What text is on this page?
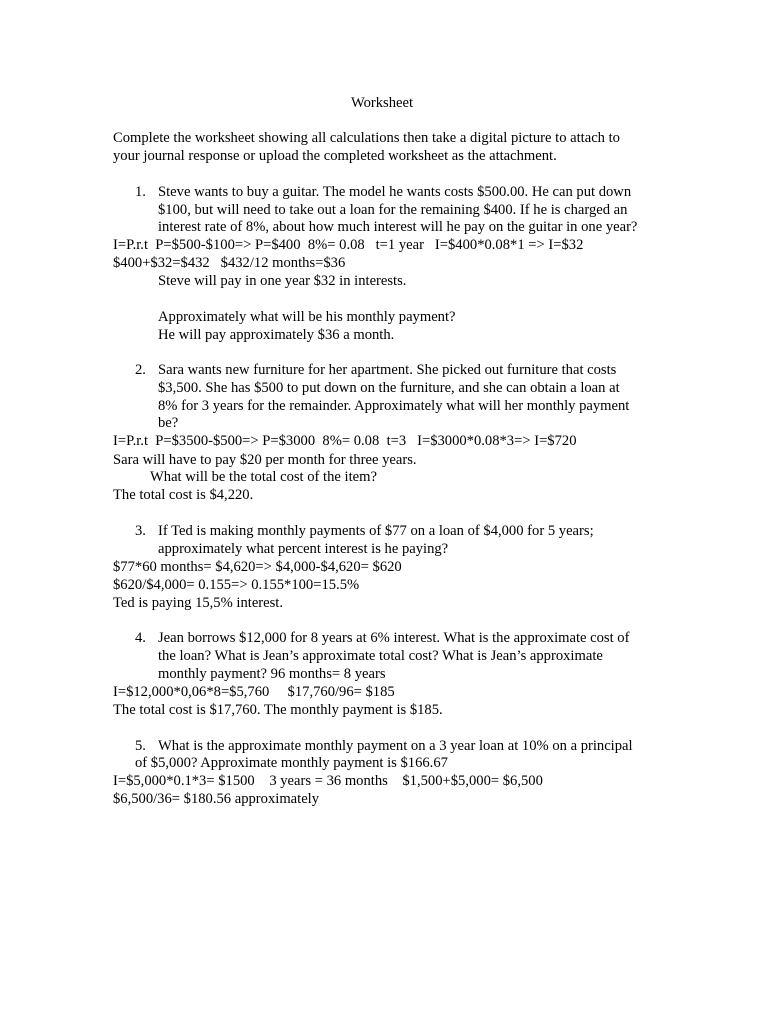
Worksheet
Complete the worksheet showing all calculations then take a digital picture to attach to
your journal response or upload the completed worksheet as the attachment.
1. Steve wants to buy a guitar. The model he wants costs $500.00. He can put down
$100, but will need to take out a loan for the remaining $400. If he is charged an
interest rate of 8%, about how much interest will he pay on the guitar in one year?
I=P.r.t  P=$500-$100=> P=$400  8%= 0.08   t=1 year   I=$400*0.08*1 => I=$32
$400+$32=$432   $432/12 months=$36
Steve will pay in one year $32 in interests.
Approximately what will be his monthly payment?
He will pay approximately $36 a month.
2. Sara wants new furniture for her apartment. She picked out furniture that costs
$3,500. She has $500 to put down on the furniture, and she can obtain a loan at
8% for 3 years for the remainder. Approximately what will her monthly payment
be?
I=P.r.t  P=$3500-$500=> P=$3000  8%= 0.08  t=3   I=$3000*0.08*3=> I=$720
Sara will have to pay $20 per month for three years.
What will be the total cost of the item?
The total cost is $4,220.
3. If Ted is making monthly payments of $77 on a loan of $4,000 for 5 years;
approximately what percent interest is he paying?
$77*60 months= $4,620=> $4,000-$4,620= $620
$620/$4,000= 0.155=> 0.155*100=15.5%
Ted is paying 15,5% interest.
4. Jean borrows $12,000 for 8 years at 6% interest. What is the approximate cost of
the loan? What is Jean’s approximate total cost? What is Jean’s approximate
monthly payment? 96 months= 8 years
I=$12,000*0,06*8=$5,760     $17,760/96= $185
The total cost is $17,760. The monthly payment is $185.
5. What is the approximate monthly payment on a 3 year loan at 10% on a principal
of $5,000? Approximate monthly payment is $166.67
I=$5,000*0.1*3= $1500    3 years = 36 months    $1,500+$5,000= $6,500
$6,500/36= $180.56 approximately
